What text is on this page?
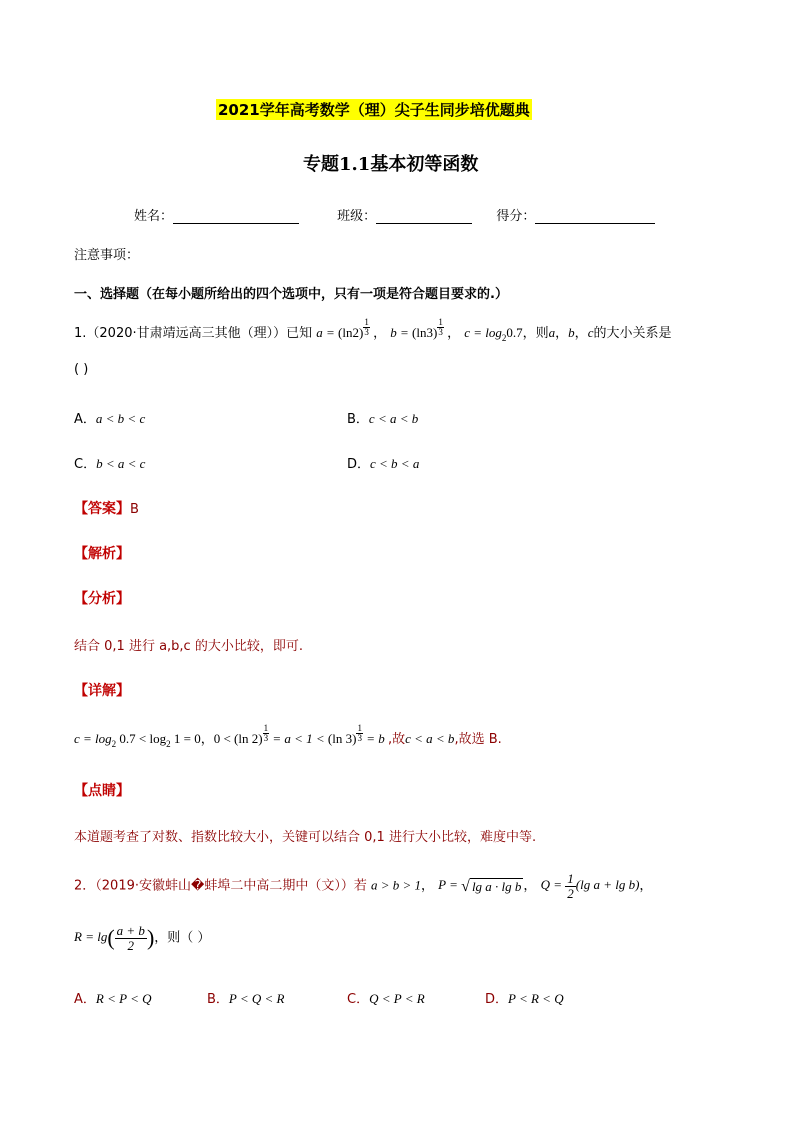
2021学年高考数学（理）尖子生同步培优题典
专题1.1基本初等函数
姓名：	班级：	得分：
注意事项：
一、选择题（在每小题所给出的四个选项中，只有一项是符合题目要求的.）
1.（2020·甘肃靖远高三其他（理））已知 $a = (\ln 2) \frac{1}{3}$ ， $b = (\ln 3) \frac{1}{3}$ ， $c = \log_20.7$，则a，b，c的大小关系是
( )
A．a < b < c	B．c < a < b
C．b < a < c	D．c < b < a
【答案】B
【解析】
【分析】
结合 0,1 进行 a,b,c 的大小比较，即可.
【详解】
$c = \log_2 0.7 < \log_2 1 = 0$，0 < (ln $2) \frac{1}{3} = a < 1 < (\ln$ $3) \frac{1}{3} = b$ ,故c < a < b,故选 B.
【点睛】
本道题考查了对数、指数比较大小，关键可以结合 0,1 进行大小比较，难度中等.
2．（2019·安徽蚌山�蚌埠二中高二期中（文））若 a > b > 1， P = √ lg a · lg b ， $Q = \frac{1}{2} (\lg$ a + lg b)，
$R = \lg( \frac{a + b}{2}$ )，则（ ）
A．R < P < Q	B．P < Q < R	C．Q < P < R	D．P < R < Q
